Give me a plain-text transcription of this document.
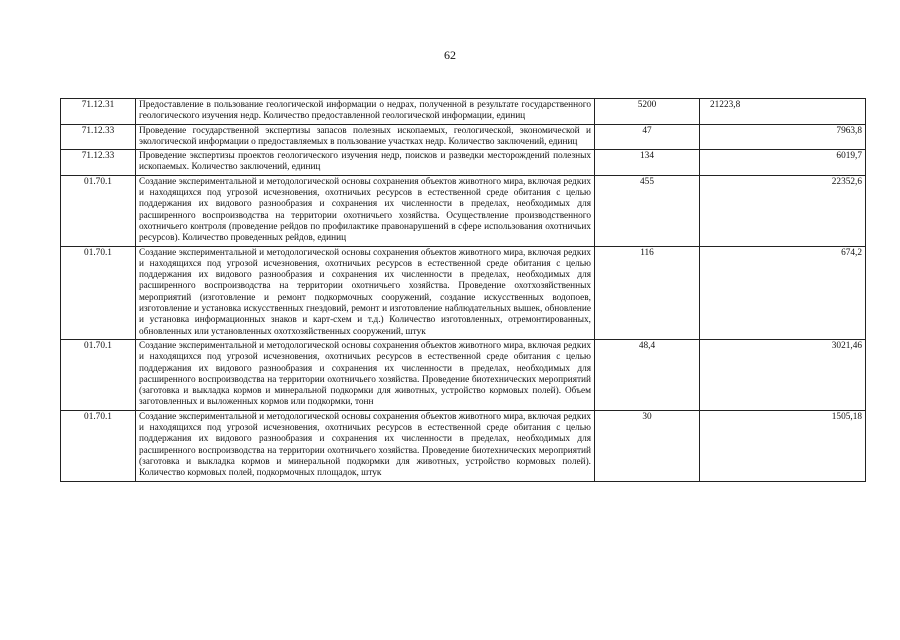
62
71.12.31	Предоставление в пользование геологической информации о недрах, полученной в результате государственного геологического изучения недр. Количество предоставленной геологической информации, единиц	5200	21223,8
71.12.33	Проведение государственной экспертизы запасов полезных ископаемых, геологической, экономической и экологической информации о предоставляемых в пользование участках недр. Количество заключений, единиц	47	7963,8
71.12.33	Проведение экспертизы проектов геологического изучения недр, поисков и разведки месторождений полезных ископаемых. Количество заключений, единиц	134	6019,7
01.70.1	Создание экспериментальной и методологической основы сохранения объектов животного мира, включая редких и находящихся под угрозой исчезновения, охотничьих ресурсов в естественной среде обитания с целью поддержания их видового разнообразия и сохранения их численности в пределах, необходимых для расширенного воспроизводства на территории охотничьего хозяйства. Осуществление производственного охотничьего контроля (проведение рейдов по профилактике правонарушений в сфере использования охотничьих ресурсов). Количество проведенных рейдов, единиц	455	22352,6
01.70.1	Создание экспериментальной и методологической основы сохранения объектов животного мира, включая редких и находящихся под угрозой исчезновения, охотничьих ресурсов в естественной среде обитания с целью поддержания их видового разнообразия и сохранения их численности в пределах, необходимых для расширенного воспроизводства на территории охотничьего хозяйства. Проведение охотхозяйственных мероприятий (изготовление и ремонт подкормочных сооружений, создание искусственных водопоев, изготовление и установка искусственных гнездовий, ремонт и изготовление наблюдательных вышек, обновление и установка информационных знаков и карт-схем и т.д.) Количество изготовленных, отремонтированных, обновленных или установленных охотхозяйственных сооружений, штук	116	674,2
01.70.1	Создание экспериментальной и методологической основы сохранения объектов животного мира, включая редких и находящихся под угрозой исчезновения, охотничьих ресурсов в естественной среде обитания с целью поддержания их видового разнообразия и сохранения их численности в пределах, необходимых для расширенного воспроизводства на территории охотничьего хозяйства. Проведение биотехнических мероприятий (заготовка и выкладка кормов и минеральной подкормки для животных, устройство кормовых полей). Объем заготовленных и выложенных кормов или подкормки, тонн	48,4	3021,46
01.70.1	Создание экспериментальной и методологической основы сохранения объектов животного мира, включая редких и находящихся под угрозой исчезновения, охотничьих ресурсов в естественной среде обитания с целью поддержания их видового разнообразия и сохранения их численности в пределах, необходимых для расширенного воспроизводства на территории охотничьего хозяйства. Проведение биотехнических мероприятий (заготовка и выкладка кормов и минеральной подкормки для животных, устройство кормовых полей). Количество кормовых полей, подкормочных площадок, штук	30	1505,18
